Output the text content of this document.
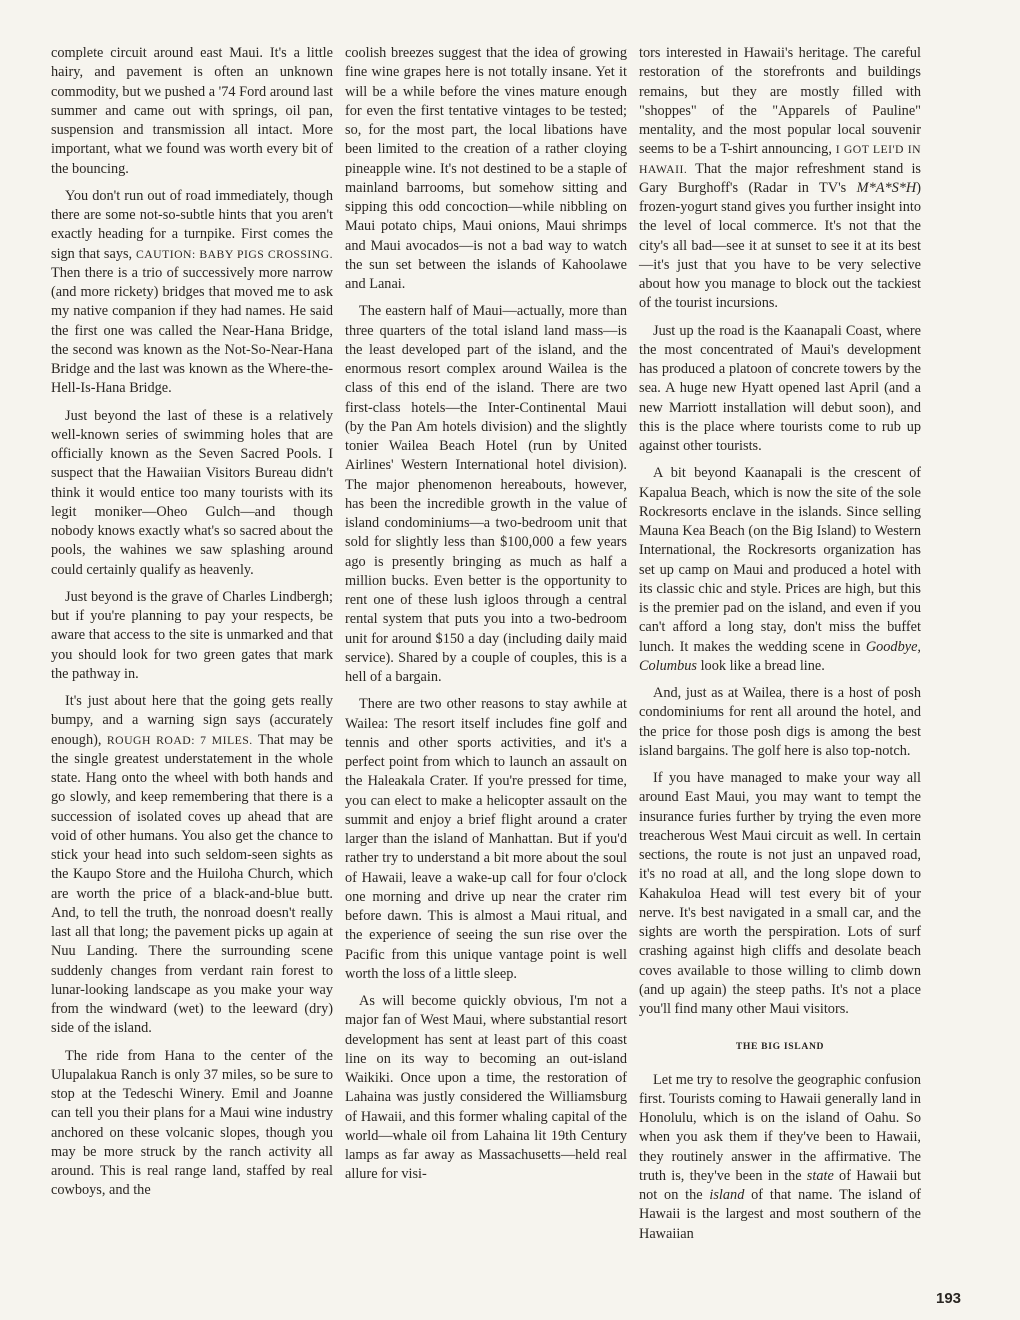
complete circuit around east Maui. It's a little hairy, and pavement is often an unknown commodity, but we pushed a '74 Ford around last summer and came out with springs, oil pan, suspension and transmission all intact. More important, what we found was worth every bit of the bouncing.

You don't run out of road immediately, though there are some not-so-subtle hints that you aren't exactly heading for a turnpike. First comes the sign that says, CAUTION: BABY PIGS CROSSING. Then there is a trio of successively more narrow (and more rickety) bridges that moved me to ask my native companion if they had names. He said the first one was called the Near-Hana Bridge, the second was known as the Not-So-Near-Hana Bridge and the last was known as the Where-the-Hell-Is-Hana Bridge.

Just beyond the last of these is a relatively well-known series of swimming holes that are officially known as the Seven Sacred Pools. I suspect that the Hawaiian Visitors Bureau didn't think it would entice too many tourists with its legit moniker—Oheo Gulch—and though nobody knows exactly what's so sacred about the pools, the wahines we saw splashing around could certainly qualify as heavenly.

Just beyond is the grave of Charles Lindbergh; but if you're planning to pay your respects, be aware that access to the site is unmarked and that you should look for two green gates that mark the pathway in.

It's just about here that the going gets really bumpy, and a warning sign says (accurately enough), ROUGH ROAD: 7 MILES. That may be the single greatest understatement in the whole state. Hang onto the wheel with both hands and go slowly, and keep remembering that there is a succession of isolated coves up ahead that are void of other humans. You also get the chance to stick your head into such seldom-seen sights as the Kaupo Store and the Huiloha Church, which are worth the price of a black-and-blue butt. And, to tell the truth, the nonroad doesn't really last all that long; the pavement picks up again at Nuu Landing. There the surrounding scene suddenly changes from verdant rain forest to lunar-looking landscape as you make your way from the windward (wet) to the leeward (dry) side of the island.

The ride from Hana to the center of the Ulupalakua Ranch is only 37 miles, so be sure to stop at the Tedeschi Winery. Emil and Joanne can tell you their plans for a Maui wine industry anchored on these volcanic slopes, though you may be more struck by the ranch activity all around. This is real range land, staffed by real cowboys, and the

coolish breezes suggest that the idea of growing fine wine grapes here is not totally insane. Yet it will be a while before the vines mature enough for even the first tentative vintages to be tested; so, for the most part, the local libations have been limited to the creation of a rather cloying pineapple wine. It's not destined to be a staple of mainland barrooms, but somehow sitting and sipping this odd concoction—while nibbling on Maui potato chips, Maui onions, Maui shrimps and Maui avocados—is not a bad way to watch the sun set between the islands of Kahoolawe and Lanai.

The eastern half of Maui—actually, more than three quarters of the total island land mass—is the least developed part of the island, and the enormous resort complex around Wailea is the class of this end of the island. There are two first-class hotels—the Inter-Continental Maui (by the Pan Am hotels division) and the slightly tonier Wailea Beach Hotel (run by United Airlines' Western International hotel division). The major phenomenon hereabouts, however, has been the incredible growth in the value of island condominiums—a two-bedroom unit that sold for slightly less than $100,000 a few years ago is presently bringing as much as half a million bucks. Even better is the opportunity to rent one of these lush igloos through a central rental system that puts you into a two-bedroom unit for around $150 a day (including daily maid service). Shared by a couple of couples, this is a hell of a bargain.

There are two other reasons to stay awhile at Wailea: The resort itself includes fine golf and tennis and other sports activities, and it's a perfect point from which to launch an assault on the Haleakala Crater. If you're pressed for time, you can elect to make a helicopter assault on the summit and enjoy a brief flight around a crater larger than the island of Manhattan. But if you'd rather try to understand a bit more about the soul of Hawaii, leave a wake-up call for four o'clock one morning and drive up near the crater rim before dawn. This is almost a Maui ritual, and the experience of seeing the sun rise over the Pacific from this unique vantage point is well worth the loss of a little sleep.

As will become quickly obvious, I'm not a major fan of West Maui, where substantial resort development has sent at least part of this coast line on its way to becoming an out-island Waikiki. Once upon a time, the restoration of Lahaina was justly considered the Williamsburg of Hawaii, and this former whaling capital of the world—whale oil from Lahaina lit 19th Century lamps as far away as Massachusetts—held real allure for visi-

tors interested in Hawaii's heritage. The careful restoration of the storefronts and buildings remains, but they are mostly filled with "shoppes" of the "Apparels of Pauline" mentality, and the most popular local souvenir seems to be a T-shirt announcing, I GOT LEI'D IN HAWAII. That the major refreshment stand is Gary Burghoff's (Radar in TV's M*A*S*H) frozen-yogurt stand gives you further insight into the level of local commerce. It's not that the city's all bad—see it at sunset to see it at its best—it's just that you have to be very selective about how you manage to block out the tackiest of the tourist incursions.

Just up the road is the Kaanapali Coast, where the most concentrated of Maui's development has produced a platoon of concrete towers by the sea. A huge new Hyatt opened last April (and a new Marriott installation will debut soon), and this is the place where tourists come to rub up against other tourists.

A bit beyond Kaanapali is the crescent of Kapalua Beach, which is now the site of the sole Rockresorts enclave in the islands. Since selling Mauna Kea Beach (on the Big Island) to Western International, the Rockresorts organization has set up camp on Maui and produced a hotel with its classic chic and style. Prices are high, but this is the premier pad on the island, and even if you can't afford a long stay, don't miss the buffet lunch. It makes the wedding scene in Goodbye, Columbus look like a bread line.

And, just as at Wailea, there is a host of posh condominiums for rent all around the hotel, and the price for those posh digs is among the best island bargains. The golf here is also top-notch.

If you have managed to make your way all around East Maui, you may want to tempt the insurance furies further by trying the even more treacherous West Maui circuit as well. In certain sections, the route is not just an unpaved road, it's no road at all, and the long slope down to Kahakuloa Head will test every bit of your nerve. It's best navigated in a small car, and the sights are worth the perspiration. Lots of surf crashing against high cliffs and desolate beach coves available to those willing to climb down (and up again) the steep paths. It's not a place you'll find many other Maui visitors.

THE BIG ISLAND

Let me try to resolve the geographic confusion first. Tourists coming to Hawaii generally land in Honolulu, which is on the island of Oahu. So when you ask them if they've been to Hawaii, they routinely answer in the affirmative. The truth is, they've been in the state of Hawaii but not on the island of that name. The island of Hawaii is the largest and most southern of the Hawaiian

193
